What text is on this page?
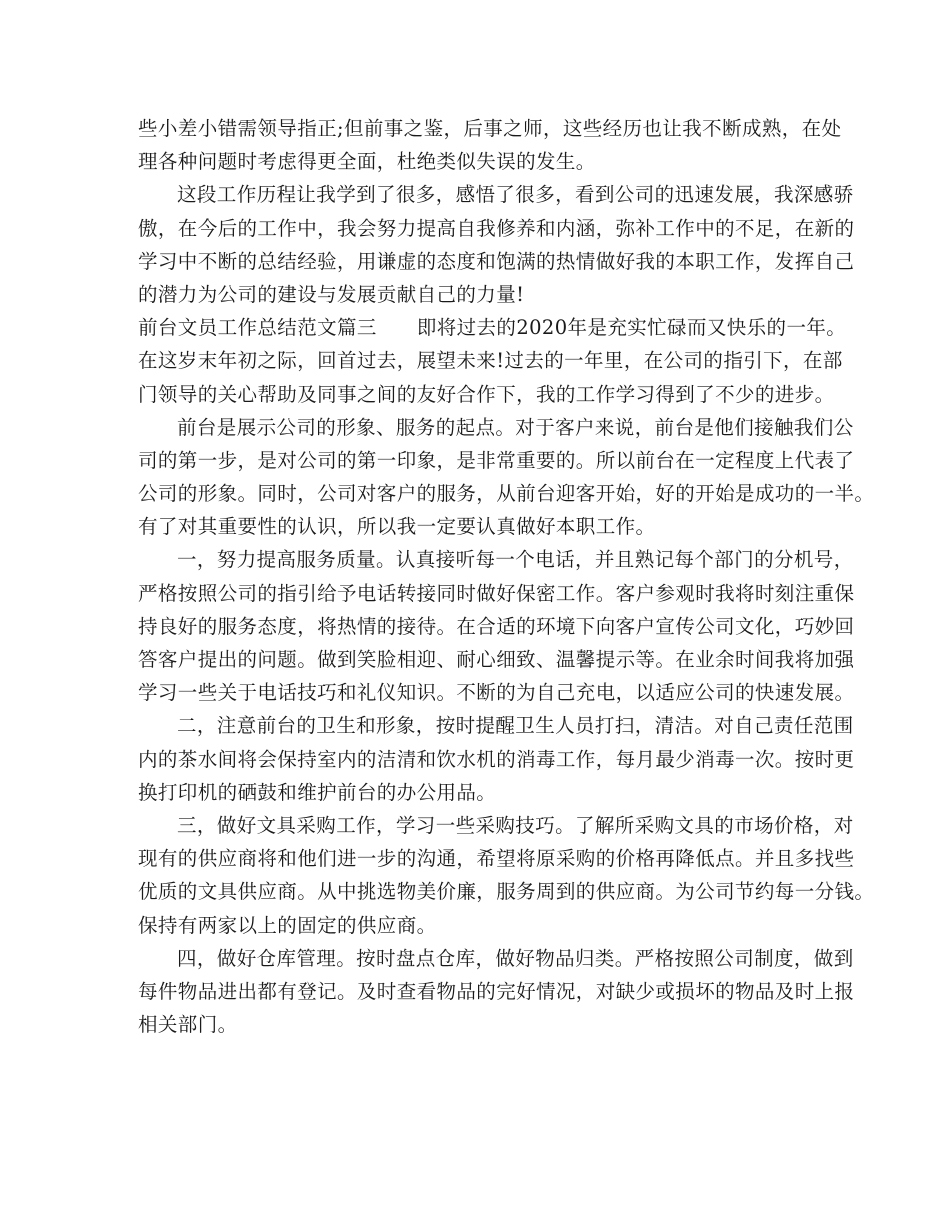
些小差小错需领导指正;但前事之鉴，后事之师，这些经历也让我不断成熟，在处
理各种问题时考虑得更全面，杜绝类似失误的发生。
这段工作历程让我学到了很多，感悟了很多，看到公司的迅速发展，我深感骄
傲，在今后的工作中，我会努力提高自我修养和内涵，弥补工作中的不足，在新的
学习中不断的总结经验，用谦虚的态度和饱满的热情做好我的本职工作，发挥自己
的潜力为公司的建设与发展贡献自己的力量!
前台文员工作总结范文篇三 即将过去的2020年是充实忙碌而又快乐的一年。
在这岁末年初之际，回首过去，展望未来!过去的一年里，在公司的指引下，在部
门领导的关心帮助及同事之间的友好合作下，我的工作学习得到了不少的进步。
前台是展示公司的形象、服务的起点。对于客户来说，前台是他们接触我们公
司的第一步，是对公司的第一印象，是非常重要的。所以前台在一定程度上代表了
公司的形象。同时，公司对客户的服务，从前台迎客开始，好的开始是成功的一半。
有了对其重要性的认识，所以我一定要认真做好本职工作。
一，努力提高服务质量。认真接听每一个电话，并且熟记每个部门的分机号，
严格按照公司的指引给予电话转接同时做好保密工作。客户参观时我将时刻注重保
持良好的服务态度，将热情的接待。在合适的环境下向客户宣传公司文化，巧妙回
答客户提出的问题。做到笑脸相迎、耐心细致、温馨提示等。在业余时间我将加强
学习一些关于电话技巧和礼仪知识。不断的为自己充电，以适应公司的快速发展。
二，注意前台的卫生和形象，按时提醒卫生人员打扫，清洁。对自己责任范围
内的茶水间将会保持室内的洁清和饮水机的消毒工作，每月最少消毒一次。按时更
换打印机的硒鼓和维护前台的办公用品。
三，做好文具采购工作，学习一些采购技巧。了解所采购文具的市场价格，对
现有的供应商将和他们进一步的沟通，希望将原采购的价格再降低点。并且多找些
优质的文具供应商。从中挑选物美价廉，服务周到的供应商。为公司节约每一分钱。
保持有两家以上的固定的供应商。
四，做好仓库管理。按时盘点仓库，做好物品归类。严格按照公司制度，做到
每件物品进出都有登记。及时查看物品的完好情况，对缺少或损坏的物品及时上报
相关部门。
